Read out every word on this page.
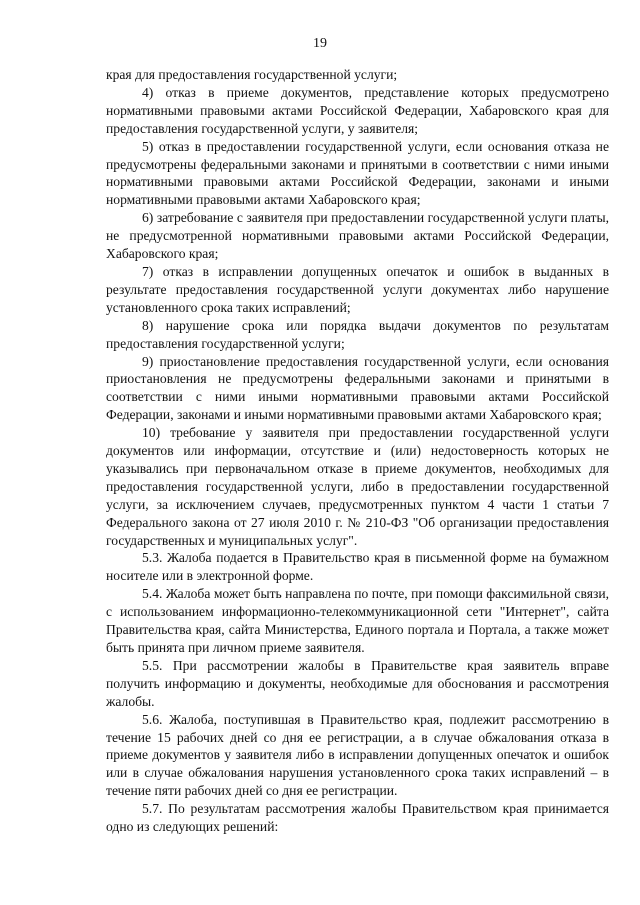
19

края для предоставления государственной услуги;

4) отказ в приеме документов, представление которых предусмотрено нормативными правовыми актами Российской Федерации, Хабаровского края для предоставления государственной услуги, у заявителя;

5) отказ в предоставлении государственной услуги, если основания отказа не предусмотрены федеральными законами и принятыми в соответствии с ними иными нормативными правовыми актами Российской Федерации, законами и иными нормативными правовыми актами Хабаровского края;

6) затребование с заявителя при предоставлении государственной услуги платы, не предусмотренной нормативными правовыми актами Российской Федерации, Хабаровского края;

7) отказ в исправлении допущенных опечаток и ошибок в выданных в результате предоставления государственной услуги документах либо нарушение установленного срока таких исправлений;

8) нарушение срока или порядка выдачи документов по результатам предоставления государственной услуги;

9) приостановление предоставления государственной услуги, если основания приостановления не предусмотрены федеральными законами и принятыми в соответствии с ними иными нормативными правовыми актами Российской Федерации, законами и иными нормативными правовыми актами Хабаровского края;

10) требование у заявителя при предоставлении государственной услуги документов или информации, отсутствие и (или) недостоверность которых не указывались при первоначальном отказе в приеме документов, необходимых для предоставления государственной услуги, либо в предоставлении государственной услуги, за исключением случаев, предусмотренных пунктом 4 части 1 статьи 7 Федерального закона от 27 июля 2010 г. № 210-ФЗ "Об организации предоставления государственных и муниципальных услуг".

5.3. Жалоба подается в Правительство края в письменной форме на бумажном носителе или в электронной форме.

5.4. Жалоба может быть направлена по почте, при помощи факсимильной связи, с использованием информационно-телекоммуникационной сети "Интернет", сайта Правительства края, сайта Министерства, Единого портала и Портала, а также может быть принята при личном приеме заявителя.

5.5. При рассмотрении жалобы в Правительстве края заявитель вправе получить информацию и документы, необходимые для обоснования и рассмотрения жалобы.

5.6. Жалоба, поступившая в Правительство края, подлежит рассмотрению в течение 15 рабочих дней со дня ее регистрации, а в случае обжалования отказа в приеме документов у заявителя либо в исправлении допущенных опечаток и ошибок или в случае обжалования нарушения установленного срока таких исправлений – в течение пяти рабочих дней со дня ее регистрации.

5.7. По результатам рассмотрения жалобы Правительством края принимается одно из следующих решений:
